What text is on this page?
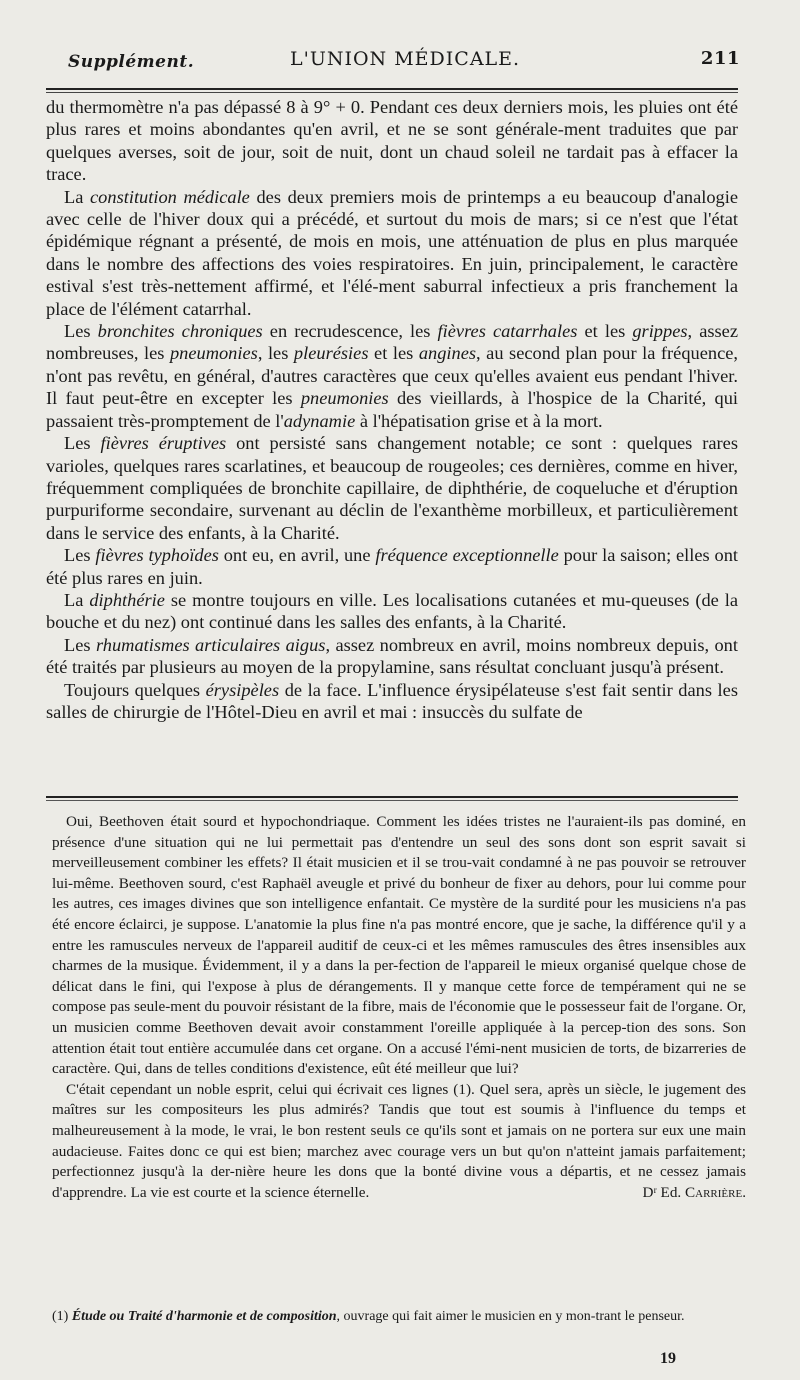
Supplément.	L'UNION MÉDICALE.	211

du thermomètre n'a pas dépassé 8 à 9° + 0. Pendant ces deux derniers mois, les pluies ont été plus rares et moins abondantes qu'en avril, et ne se sont générale-ment traduites que par quelques averses, soit de jour, soit de nuit, dont un chaud soleil ne tardait pas à effacer la trace.

La constitution médicale des deux premiers mois de printemps a eu beaucoup d'analogie avec celle de l'hiver doux qui a précédé, et surtout du mois de mars; si ce n'est que l'état épidémique régnant a présenté, de mois en mois, une atténuation de plus en plus marquée dans le nombre des affections des voies respiratoires. En juin, principalement, le caractère estival s'est très-nettement affirmé, et l'élé-ment saburral infectieux a pris franchement la place de l'élément catarrhal.

Les bronchites chroniques en recrudescence, les fièvres catarrhales et les grippes, assez nombreuses, les pneumonies, les pleurésies et les angines, au second plan pour la fréquence, n'ont pas revêtu, en général, d'autres caractères que ceux qu'elles avaient eus pendant l'hiver. Il faut peut-être en excepter les pneumonies des vieillards, à l'hospice de la Charité, qui passaient très-promptement de l'adynamie à l'hépatisation grise et à la mort.

Les fièvres éruptives ont persisté sans changement notable; ce sont : quelques rares varioles, quelques rares scarlatines, et beaucoup de rougeoles; ces dernières, comme en hiver, fréquemment compliquées de bronchite capillaire, de diphthérie, de coqueluche et d'éruption purpuriforme secondaire, survenant au déclin de l'exanthème morbilleux, et particulièrement dans le service des enfants, à la Charité.

Les fièvres typhoïdes ont eu, en avril, une fréquence exceptionnelle pour la saison; elles ont été plus rares en juin.

La diphthérie se montre toujours en ville. Les localisations cutanées et mu-queuses (de la bouche et du nez) ont continué dans les salles des enfants, à la Charité.

Les rhumatismes articulaires aigus, assez nombreux en avril, moins nombreux depuis, ont été traités par plusieurs au moyen de la propylamine, sans résultat concluant jusqu'à présent.

Toujours quelques érysipèles de la face. L'influence érysipélateuse s'est fait sentir dans les salles de chirurgie de l'Hôtel-Dieu en avril et mai : insuccès du sulfate de

Oui, Beethoven était sourd et hypochondriaque. Comment les idées tristes ne l'auraient-ils pas dominé, en présence d'une situation qui ne lui permettait pas d'entendre un seul des sons dont son esprit savait si merveilleusement combiner les effets? Il était musicien et il se trou-vait condamné à ne pas pouvoir se retrouver lui-même. Beethoven sourd, c'est Raphaël aveugle et privé du bonheur de fixer au dehors, pour lui comme pour les autres, ces images divines que son intelligence enfantait. Ce mystère de la surdité pour les musiciens n'a pas été encore éclairci, je suppose. L'anatomie la plus fine n'a pas montré encore, que je sache, la différence qu'il y a entre les ramuscules nerveux de l'appareil auditif de ceux-ci et les mêmes ramuscules des êtres insensibles aux charmes de la musique. Évidemment, il y a dans la per-fection de l'appareil le mieux organisé quelque chose de délicat dans le fini, qui l'expose à plus de dérangements. Il y manque cette force de tempérament qui ne se compose pas seule-ment du pouvoir résistant de la fibre, mais de l'économie que le possesseur fait de l'organe. Or, un musicien comme Beethoven devait avoir constamment l'oreille appliquée à la percep-tion des sons. Son attention était tout entière accumulée dans cet organe. On a accusé l'émi-nent musicien de torts, de bizarreries de caractère. Qui, dans de telles conditions d'existence, eût été meilleur que lui?

C'était cependant un noble esprit, celui qui écrivait ces lignes (1). Quel sera, après un siècle, le jugement des maîtres sur les compositeurs les plus admirés? Tandis que tout est soumis à l'influence du temps et malheureusement à la mode, le vrai, le bon restent seuls ce qu'ils sont et jamais on ne portera sur eux une main audacieuse. Faites donc ce qui est bien; marchez avec courage vers un but qu'on n'atteint jamais parfaitement; perfectionnez jusqu'à la der-nière heure les dons que la bonté divine vous a départis, et ne cessez jamais d'apprendre. La vie est courte et la science éternelle.	Dʳ Ed. Carrière.

(1) Étude ou Traité d'harmonie et de composition, ouvrage qui fait aimer le musicien en y mon-trant le penseur.
19
